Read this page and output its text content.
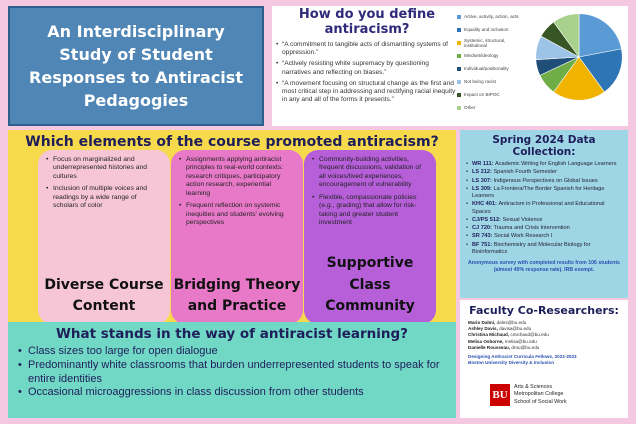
An Interdisciplinary Study of Student Responses to Antiracist Pedagogies
How do you define antiracism?
• “A commitment to tangible acts of dismantling systems of oppression.”
• “Actively resisting white supremacy by questioning narratives and reflecting on biases.”
• “A movement focusing on structural change as the first and most critical step in addressing and rectifying racial inequity in any and all of the forms it presents.”
Active, activity, action, acts
Equality and inclusion
Systemic, structural, institutional
Mindset/ideology
Individual/positionality
Not being racist
Impact on BIPOC
Other
Which elements of the course promoted antiracism?
• Focus on marginalized and underrepresented histories and cultures
• Inclusion of multiple voices and readings by a wide range of scholars of color
Diverse Course Content
• Assignments applying antiracist principles to real-world contexts: research critiques, participatory action research, experiential learning
• Frequent reflection on systemic inequities and students' evolving perspectives
Bridging Theory and Practice
• Community-building activities, frequent discussions, validation of all voices/lived experiences, encouragement of vulnerability
• Flexible, compassionate policies (e.g., grading) that allow for risk-taking and greater student investment
Supportive Class Community
What stands in the way of antiracist learning?
• Class sizes too large for open dialogue
• Predominantly white classrooms that burden underrepresented students to speak for entire identities
• Occasional microaggressions in class discussion from other students
Spring 2024 Data Collection:
• WR 111: Academic Writing for English Language Learners
• LS 212: Spanish Fourth Semester
• LS 307: Indigenous Perspectives on Global Issues
• LS 309: La Frontera/The Border Spanish for Heritage Learners
• KHC 401: Antiracism in Professional and Educational Spaces
• CJ/PS 512: Sexual Violence
• CJ 720: Trauma and Crisis Intervention
• SR 743: Social Work Research I
• BF 751: Biochemistry and Molecular Biology for Bioinformatics
Anonymous survey with completed results from 106 students (almost 40% response rate). IRB exempt.
Faculty Co-Researchers:
Mario Dalmi, dalmi@bu.edu
Ashley Davis, davisa@bu.edu
Christina Michaud, cmichaud@bu.edu
Melisa Osborne, melisa@bu.edu
Danielle Rousseau, drou@bu.edu
Designing Antiracist Curricula Fellows, 2022-2023
Boston University Diversity & Inclusion
BU
Arts & Sciences
Metropolitan College
School of Social Work
